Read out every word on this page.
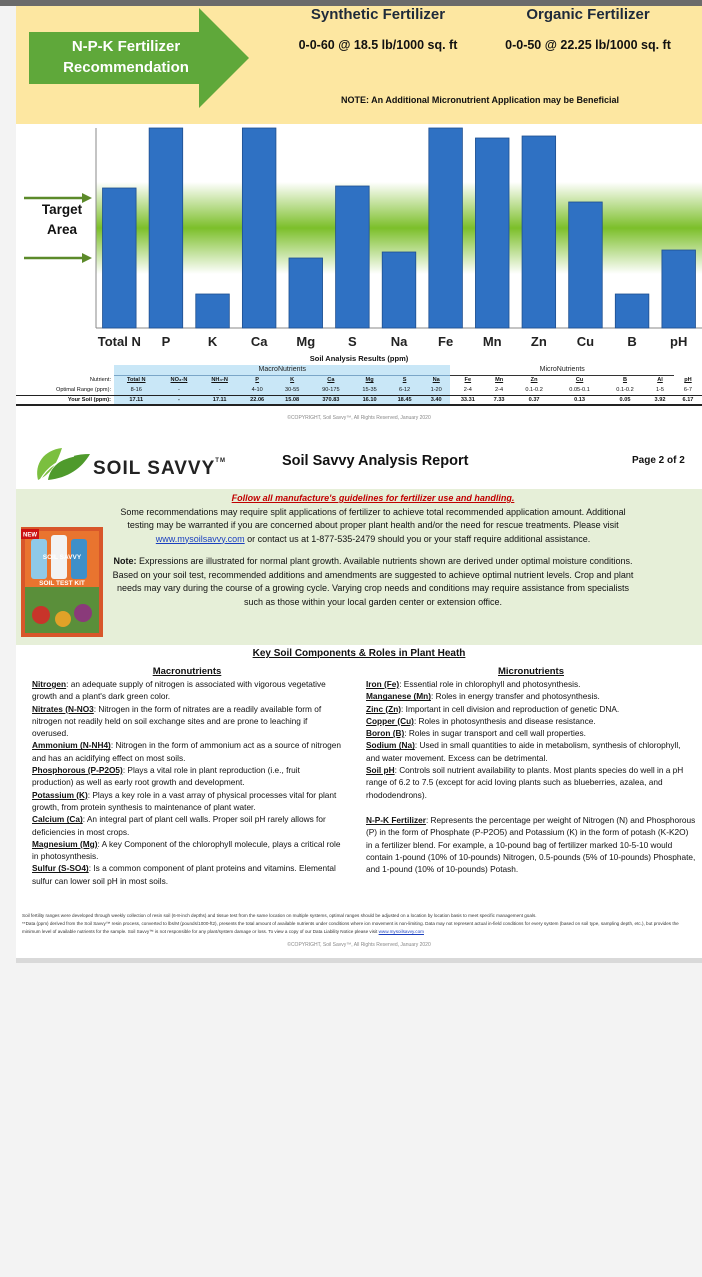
N-P-K Fertilizer
Recommendation
Synthetic Fertilizer
0-0-60 @ 18.5 lb/1000 sq. ft
Organic Fertilizer
0-0-50 @ 22.25 lb/1000 sq. ft
NOTE: An Additional Micronutrient Application may be Beneficial
Total N P	K	Ca Mg	S	Na Fe Mn Zn Cu	B	pH
Target
Area
Soil Analysis Results (ppm)
	MacroNutrients									MicroNutrients						
Nutrient:	Total N	NO₃-N	NH₄-N	P	K	Ca	Mg	S	Na	Fe	Mn	Zn	Cu	B	Al	pH
Optimal Range (ppm):	8-16	-	-	4-10	30-55	90-175	15-35	6-12	1-20	2-4	2-4	0.1-0.2	0.05-0.1	0.1-0.2	1-5	6-7
Your Soil (ppm):	17.11	-	17.11	22.06	15.08	370.83	16.10	18.45	3.40	33.31	7.33	0.37	0.13	0.05	3.92	6.17
©COPYRIGHT, Soil Savvy™, All Rights Reserved, January 2020
SOIL SAVVY™	Soil Savvy Analysis Report	Page 2 of 2
NEW
SOIL SAVVY
SOIL TEST KIT
Follow all manufacture's guidelines for fertilizer use and handling.
Some recommendations may require split applications of fertilizer to achieve total recommended application amount. Additional testing may be warranted if you are concerned about proper plant health and/or the need for rescue treatments. Please visit www.mysoilsavvy.com or contact us at 1-877-535-2479 should you or your staff require additional assistance.
Note: Expressions are illustrated for normal plant growth. Available nutrients shown are derived under optimal moisture conditions. Based on your soil test, recommended additions and amendments are suggested to achieve optimal nutrient levels. Crop and plant needs may vary during the course of a growing cycle. Varying crop needs and conditions may require assistance from specialists such as those within your local garden center or extension office.
Key Soil Components & Roles in Plant Heath
Macronutrients

Nitrogen: an adequate supply of nitrogen is associated with vigorous vegetative growth and a plant's dark green color.

Nitrates (N-NO3: Nitrogen in the form of nitrates are a readily available form of nitrogen not readily held on soil exchange sites and are prone to leaching if overused.

Ammonium (N-NH4): Nitrogen in the form of ammonium act as a source of nitrogen and has an acidifying effect on most soils.

Phosphorous (P-P2O5): Plays a vital role in plant reproduction (i.e., fruit production) as well as early root growth and development.

Potassium (K): Plays a key role in a vast array of physical processes vital for plant growth, from protein synthesis to maintenance of plant water.

Calcium (Ca): An integral part of plant cell walls. Proper soil pH rarely allows for deficiencies in most crops.

Magnesium (Mg): A key Component of the chlorophyll molecule, plays a critical role in photosynthesis.

Sulfur (S-SO4): Is a common component of plant proteins and vitamins. Elemental sulfur can lower soil pH in most soils.

Micronutrients

Iron (Fe): Essential role in chlorophyll and photosynthesis.

Manganese (Mn): Roles in energy transfer and photosynthesis.

Zinc (Zn): Important in cell division and reproduction of genetic DNA.

Copper (Cu): Roles in photosynthesis and disease resistance.

Boron (B): Roles in sugar transport and cell wall properties.

Sodium (Na): Used in small quantities to aide in metabolism, synthesis of chlorophyll, and water movement. Excess can be detrimental.

Soil pH: Controls soil nutrient availability to plants. Most plants species do well in a pH range of 6.2 to 7.5 (except for acid loving plants such as blueberries, azalea, and rhododendrons).

N-P-K Fertilizer: Represents the percentage per weight of Nitrogen (N) and Phosphorous (P) in the form of Phosphate (P-P2O5) and Potassium (K) in the form of potash (K-K2O) in a fertilizer blend. For example, a 10-pound bag of fertilizer marked 10-5-10 would contain 1-pound (10% of 10-pounds) Nitrogen, 0.5-pounds (5% of 10-pounds) Phosphate, and 1-pound (10% of 10-pounds) Potash.

Soil fertility ranges were developed through weekly collection of resin soil (6-8-inch depths) and tissue test from the same location on multiple systems, optimal ranges should be adjusted on a location by location basis to meet specific management goals.
**Data (ppm) derived from the Soil Savvy™ resin process, converted to lbs/M (pounds/1000-ft2), presents the total amount of available nutrients under conditions where ion movement is non-limiting. Data may not represent actual in-field conditions for every system (based on soil type, sampling depth, etc.), but provides the minimum level of available nutrients for the sample. Soil Savvy™ is not responsible for any plant/system damage or loss. To view a copy of our Data Liability Notice please visit www.mysoilsavvy.com
©COPYRIGHT, Soil Savvy™, All Rights Reserved, January 2020
